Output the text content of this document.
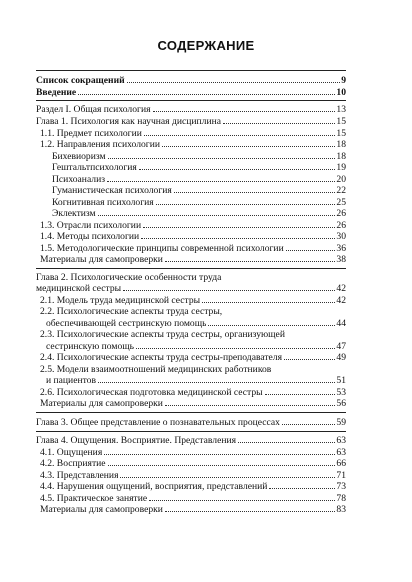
СОДЕРЖАНИЕ
Список сокращений	9
Введение	10
Раздел I. Общая психология	13
Глава 1. Психология как научная дисциплина	15
1.1. Предмет психологии	15
1.2. Направления психологии	18
Бихевиоризм	18
Гештальтпсихология	19
Психоанализ	20
Гуманистическая психология	22
Когнитивная психология	25
Эклектизм	26
1.3. Отрасли психологии	26
1.4. Методы психологии	30
1.5. Методологические принципы современной психологии	36
Материалы для самопроверки	38
Глава 2. Психологические особенности труда
медицинской сестры	42
2.1. Модель труда медицинской сестры	42
2.2. Психологические аспекты труда сестры,
обеспечивающей сестринскую помощь	44
2.3. Психологические аспекты труда сестры, организующей
сестринскую помощь	47
2.4. Психологические аспекты труда сестры-преподавателя	49
2.5. Модели взаимоотношений медицинских работников
и пациентов	51
2.6. Психологическая подготовка медицинской сестры	53
Материалы для самопроверки	56
Глава 3. Общее представление о познавательных процессах	59
Глава 4. Ощущения. Восприятие. Представления	63
4.1. Ощущения	63
4.2. Восприятие	66
4.3. Представления	71
4.4. Нарушения ощущений, восприятия, представлений	73
4.5. Практическое занятие	78
Материалы для самопроверки	83
